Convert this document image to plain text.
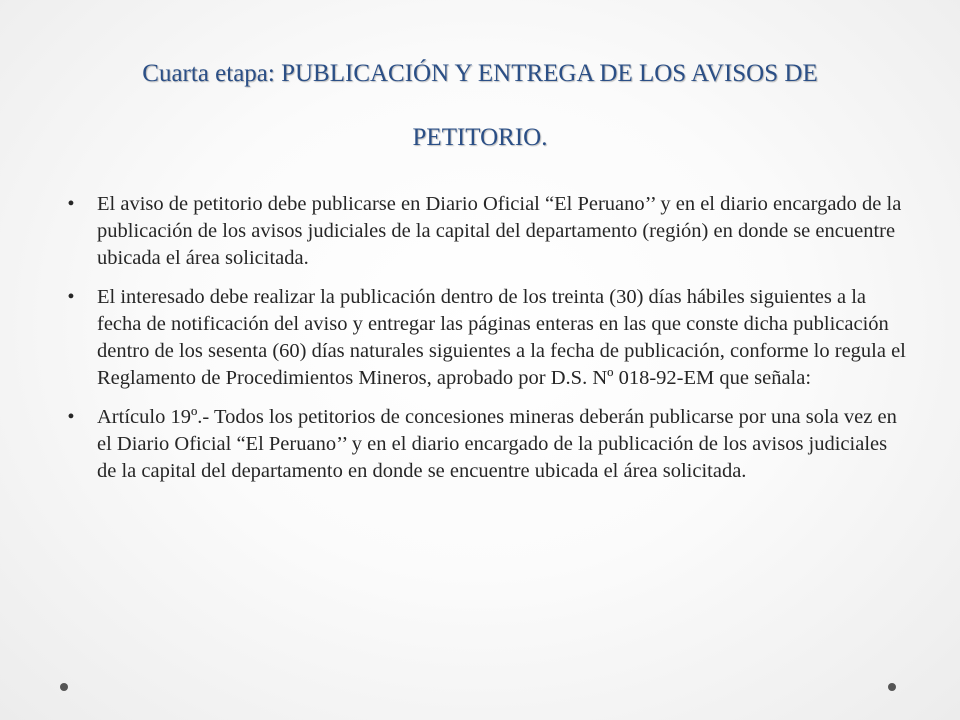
Cuarta etapa: PUBLICACIÓN Y ENTREGA DE LOS AVISOS DE
PETITORIO.
• El aviso de petitorio debe publicarse en Diario Oficial “El Peruano’’ y en el diario encargado de la publicación de los avisos judiciales de la capital del departamento (región) en donde se encuentre ubicada el área solicitada.
• El interesado debe realizar la publicación dentro de los treinta (30) días hábiles siguientes a la fecha de notificación del aviso y entregar las páginas enteras en las que conste dicha publicación dentro de los sesenta (60) días naturales siguientes a la fecha de publicación, conforme lo regula el Reglamento de Procedimientos Mineros, aprobado por D.S. Nº 018-92-EM que señala:
• Artículo 19º.- Todos los petitorios de concesiones mineras deberán publicarse por una sola vez en el Diario Oficial “El Peruano’’ y en el diario encargado de la publicación de los avisos judiciales de la capital del departamento en donde se encuentre ubicada el área solicitada.
